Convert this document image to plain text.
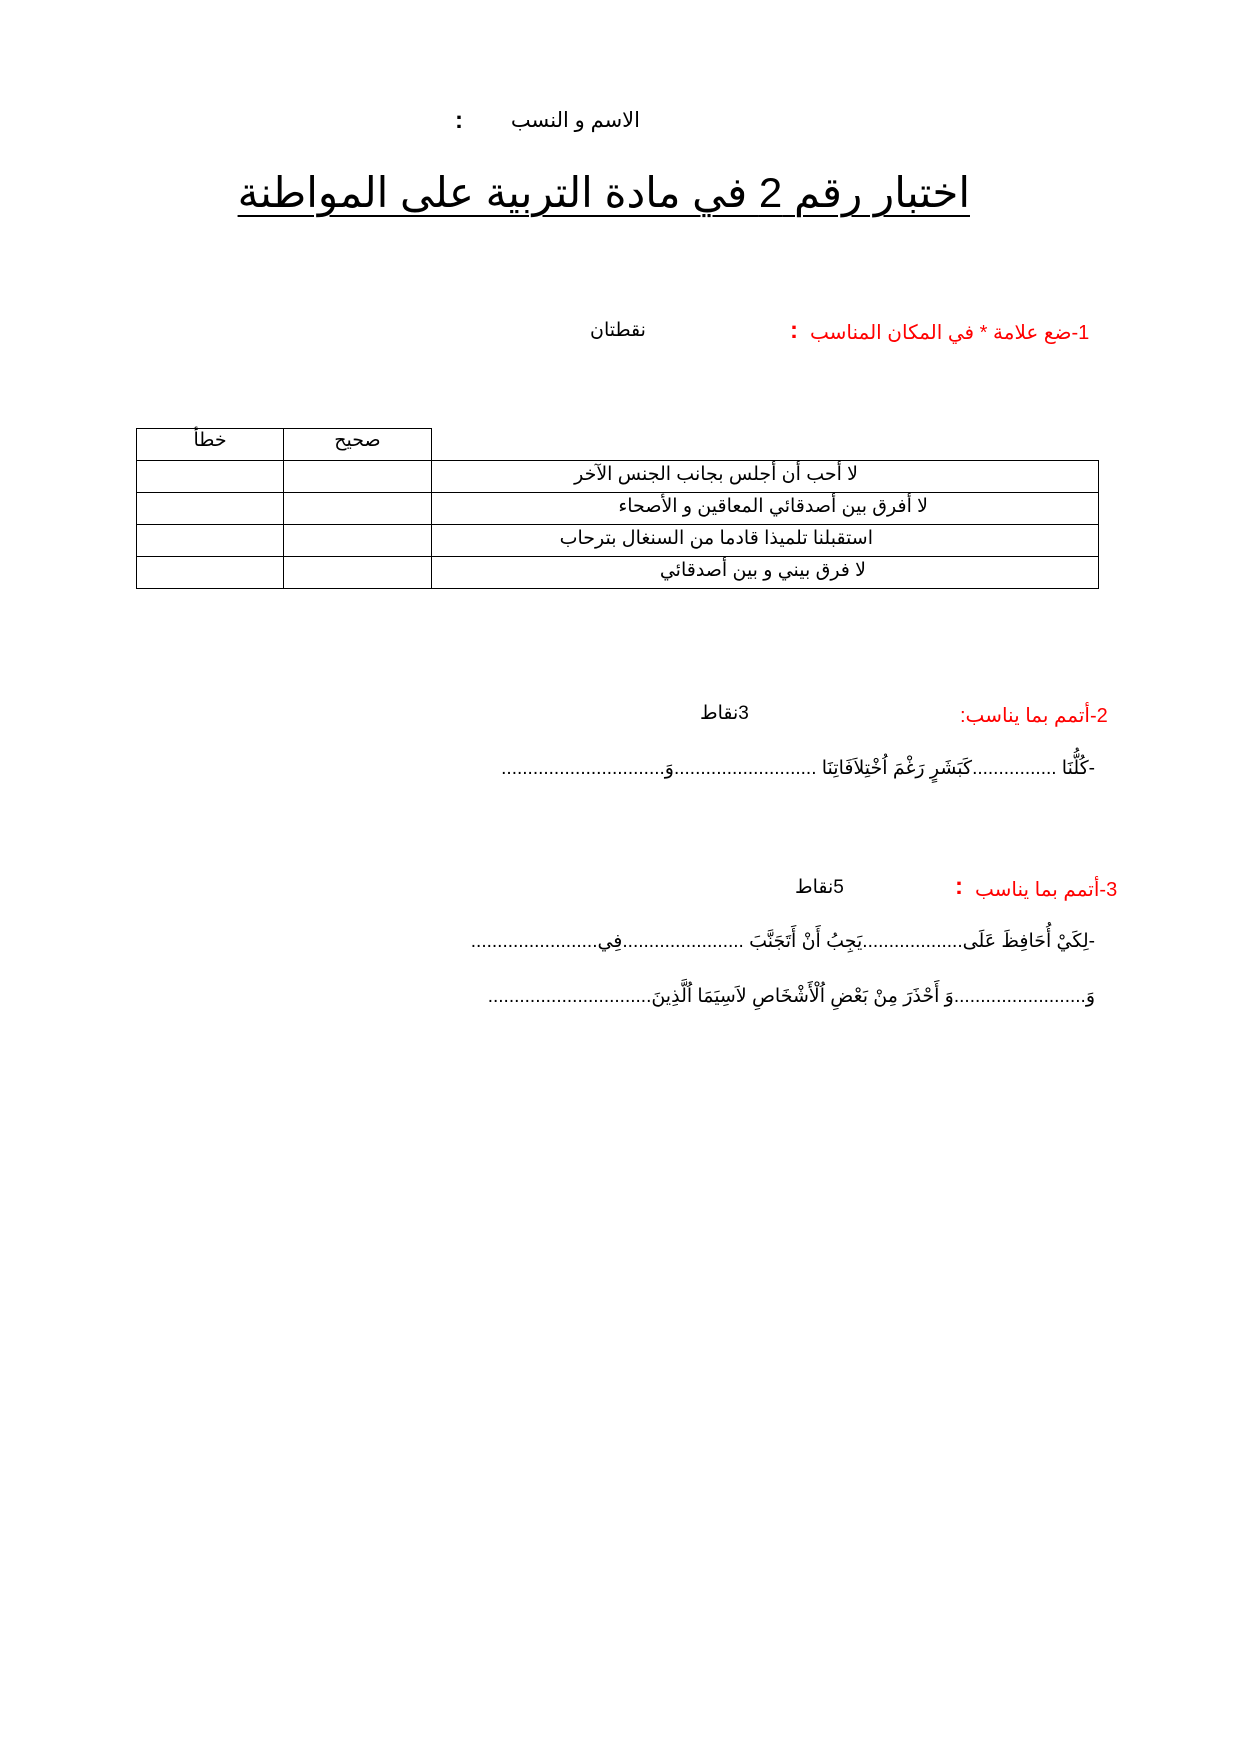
الاسم و النسب
:
اختبار رقم 2 في مادة التربية على المواطنة
1-ضع علامة * في المكان المناسب
:
نقطتان
خطأ	صحيح	
		لا أحب أن أجلس بجانب الجنس الآخر
		لا أفرق بين أصدقائي المعاقين و الأصحاء
		استقبلنا تلميذا قادما من السنغال بترحاب
		لا فرق بيني و بين أصدقائي
2-أتمم بما يناسب:
3نقاط
-كُلُّنَا ................كَبَشَرٍ رَغْمَ اُخْتِلاَفَاتِنَا ...........................وَ...............................
3-أتمم بما يناسب
:
5نقاط
-لِكَيْ أُحَافِظَ عَلَى...................يَجِبُ أَنْ أَتَجَنَّبَ .......................فِي........................
وَ.........................وَ أَحْذَرَ مِنْ بَعْضِ اُلْأَشْخَاصِ لاَسِيَمَا اُلَّذِينَ...............................
